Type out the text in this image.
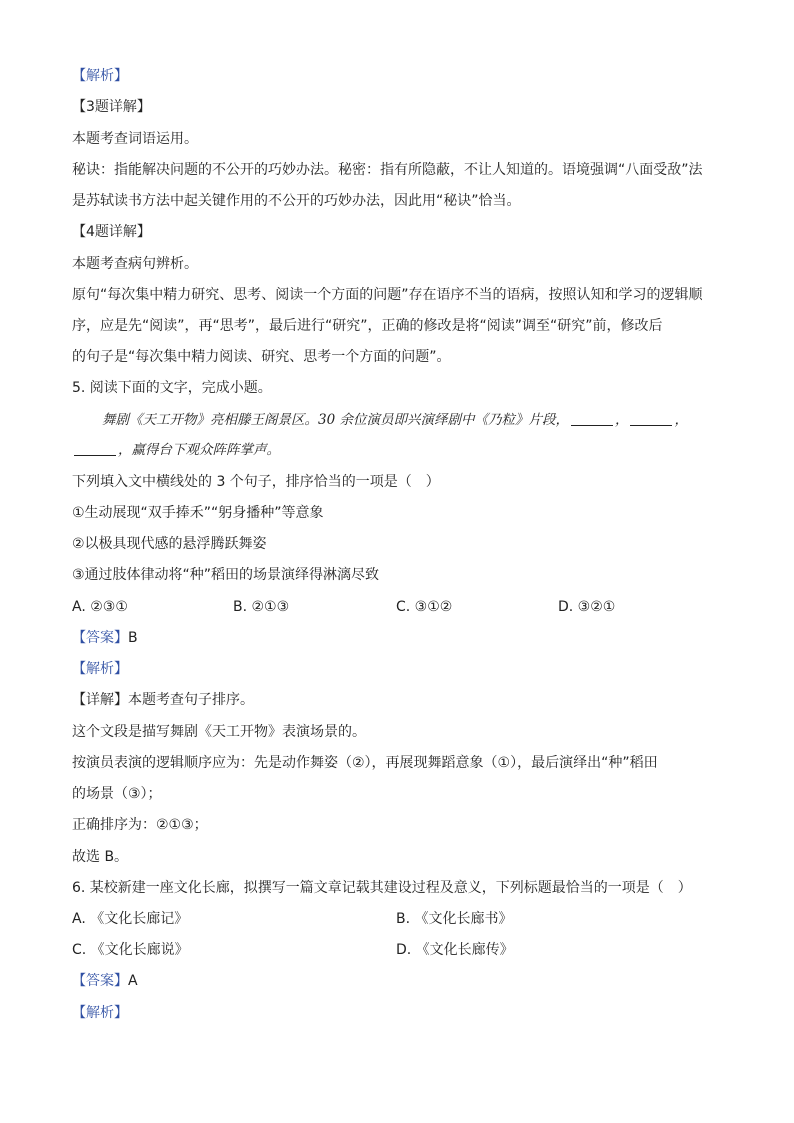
【解析】
【3题详解】
本题考查词语运用。
秘诀：指能解决问题的不公开的巧妙办法。秘密：指有所隐蔽，不让人知道的。语境强调“八面受敌”法
是苏轼读书方法中起关键作用的不公开的巧妙办法，因此用“秘诀”恰当。
【4题详解】
本题考查病句辨析。
原句“每次集中精力研究、思考、阅读一个方面的问题”存在语序不当的语病，按照认知和学习的逻辑顺
序，应是先“阅读”，再“思考”，最后进行“研究”，正确的修改是将“阅读”调至“研究”前，修改后
的句子是“每次集中精力阅读、研究、思考一个方面的问题”。
5. 阅读下面的文字，完成小题。
舞剧《天工开物》亮相滕王阁景区。30 余位演员即兴演绎剧中《乃粒》片段，	，	，
，赢得台下观众阵阵掌声。
下列填入文中横线处的 3 个句子，排序恰当的一项是（　）
①生动展现“双手捧禾”“躬身播种”等意象
②以极具现代感的悬浮腾跃舞姿
③通过肢体律动将“种”稻田的场景演绎得淋漓尽致
A. ②③①	B. ②①③	C. ③①②	D. ③②①
【答案】B
【解析】
【详解】本题考查句子排序。
这个文段是描写舞剧《天工开物》表演场景的。
按演员表演的逻辑顺序应为：先是动作舞姿（②），再展现舞蹈意象（①），最后演绎出“种”稻田
的场景（③）；
正确排序为：②①③；
故选 B。
6. 某校新建一座文化长廊，拟撰写一篇文章记载其建设过程及意义，下列标题最恰当的一项是（　）
A. 《文化长廊记》	B. 《文化长廊书》
C. 《文化长廊说》	D. 《文化长廊传》
【答案】A
【解析】
